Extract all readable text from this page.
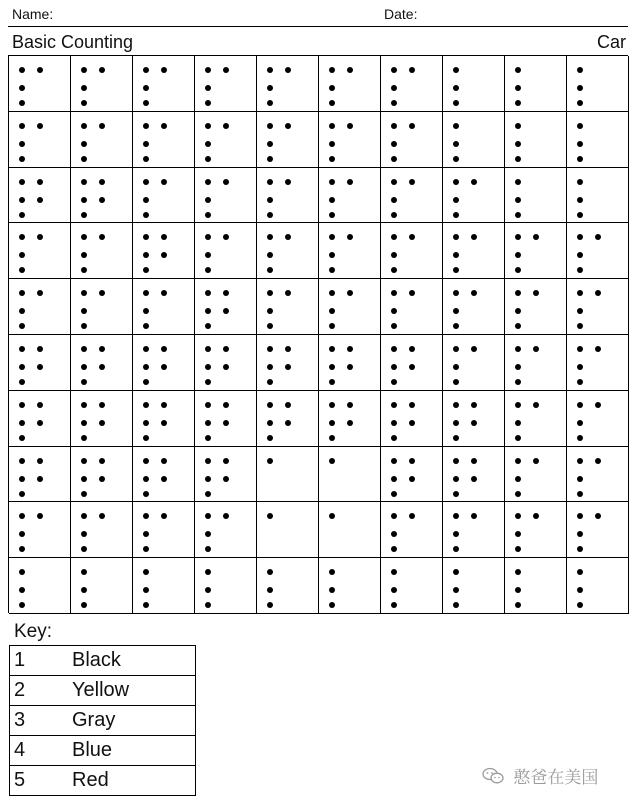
Name:	Date:
Basic Counting	Car
Key:
1	Black
2	Yellow
3	Gray
4	Blue
5	Red	憨爸在美国
